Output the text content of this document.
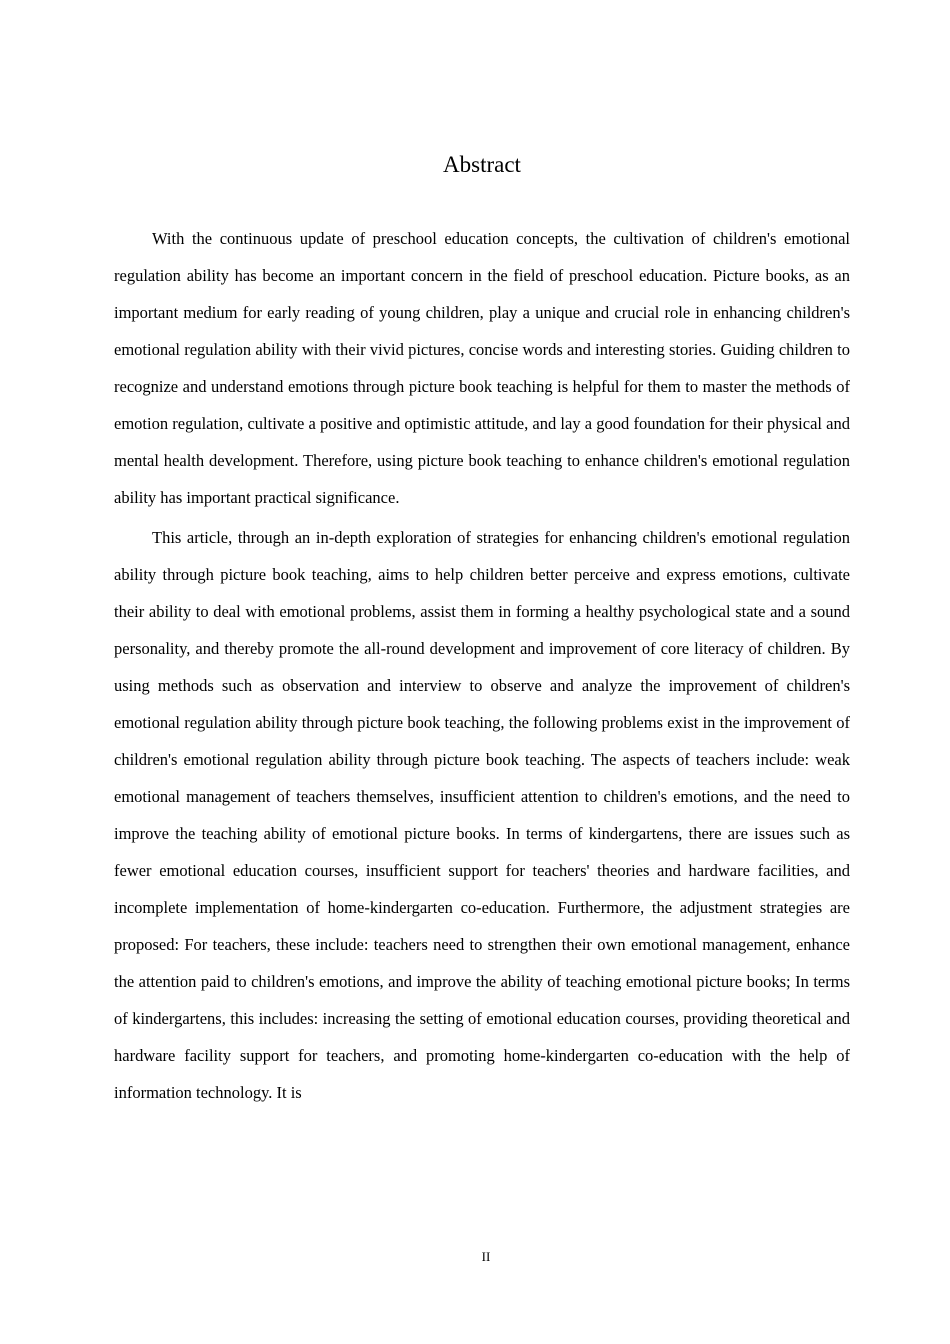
Abstract

With the continuous update of preschool education concepts, the cultivation of children's emotional regulation ability has become an important concern in the field of preschool education. Picture books, as an important medium for early reading of young children, play a unique and crucial role in enhancing children's emotional regulation ability with their vivid pictures, concise words and interesting stories. Guiding children to recognize and understand emotions through picture book teaching is helpful for them to master the methods of emotion regulation, cultivate a positive and optimistic attitude, and lay a good foundation for their physical and mental health development. Therefore, using picture book teaching to enhance children's emotional regulation ability has important practical significance.

This article, through an in-depth exploration of strategies for enhancing children's emotional regulation ability through picture book teaching, aims to help children better perceive and express emotions, cultivate their ability to deal with emotional problems, assist them in forming a healthy psychological state and a sound personality, and thereby promote the all-round development and improvement of core literacy of children. By using methods such as observation and interview to observe and analyze the improvement of children's emotional regulation ability through picture book teaching, the following problems exist in the improvement of children's emotional regulation ability through picture book teaching. The aspects of teachers include: weak emotional management of teachers themselves, insufficient attention to children's emotions, and the need to improve the teaching ability of emotional picture books. In terms of kindergartens, there are issues such as fewer emotional education courses, insufficient support for teachers' theories and hardware facilities, and incomplete implementation of home-kindergarten co-education. Furthermore, the adjustment strategies are proposed: For teachers, these include: teachers need to strengthen their own emotional management, enhance the attention paid to children's emotions, and improve the ability of teaching emotional picture books; In terms of kindergartens, this includes: increasing the setting of emotional education courses, providing theoretical and hardware facility support for teachers, and promoting home-kindergarten co-education with the help of information technology. It is

II
